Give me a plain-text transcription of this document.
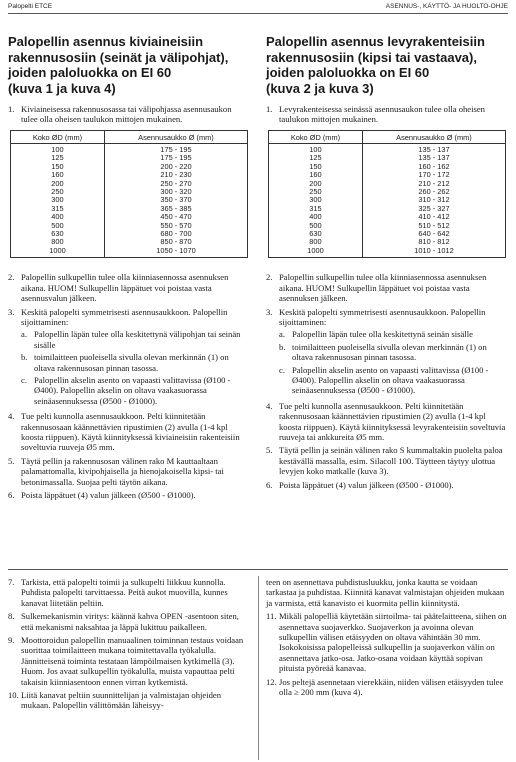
Palopelti ETCE	ASENNUS-, KÄYTTÖ- JA HUOLTO-OHJE
Palopellin asennus kiviaineisiin
rakennusosiin (seinät ja välipohjat),
joiden paloluokka on EI 60
(kuva 1 ja kuva 4)
1. Kiviaineisessa rakennusosassa tai välipohjassa asennusaukon tulee olla oheisen taulukon mittojen mukainen.
Koko ØD (mm)	Asennusaukko Ø (mm)
100	175 - 195
125	175 - 195
150	200 - 220
160	210 - 230
200	250 - 270
250	300 - 320
300	350 - 370
315	365 - 385
400	450 - 470
500	550 - 570
630	680 - 700
800	850 - 870
1000	1050 - 1070
2. Palopellin sulkupellin tulee olla kiinniasennossa asennuksen aikana. HUOM! Sulkupellin läppätuet voi poistaa vasta asennusvalun jälkeen.
3. Keskitä palopelti symmetrisesti asennusaukkoon. Palopellin sijoittaminen:
a. Palopellin läpän tulee olla keskitettynä välipohjan tai seinän sisälle
b. toimilaitteen puoleisella sivulla olevan merkinnän (1) on oltava rakennusosan pinnan tasossa.
c. Palopellin akselin asento on vapaasti valittavissa (Ø100 - Ø400). Palopellin akselin on oltava vaakasuorassa seinäasennuksessa (Ø500 - Ø1000).
4. Tue pelti kunnolla asennusaukkoon. Pelti kiinnitetään rakennusosaan käännettävien ripustimien (2) avulla (1-4 kpl koosta riippuen). Käytä kiinnityksessä kiviaineisiin rakenteisiin soveltuvia ruuveja Ø5 mm.
5. Täytä pellin ja rakennusosan välinen rako M kauttaaltaan palamattomalla, kivipohjaisella ja hienojakoisella kipsi- tai betonimassalla. Suojaa pelti täytön aikana.
6. Poista läppätuet (4) valun jälkeen (Ø500 - Ø1000).
Palopellin asennus levyrakenteisiin
rakennusosiin (kipsi tai vastaava),
joiden paloluokka on EI 60
(kuva 2 ja kuva 3)
1. Levyrakenteisessa seinässä asennusaukon tulee olla oheisen taulukon mittojen mukainen.
Koko ØD (mm)	Asennusaukko Ø (mm)
100	135 - 137
125	135 - 137
150	160 - 162
160	170 - 172
200	210 - 212
250	260 - 262
300	310 - 312
315	325 - 327
400	410 - 412
500	510 - 512
630	640 - 642
800	810 - 812
1000	1010 - 1012
2. Palopellin sulkupellin tulee olla kiinniasennossa asennuksen aikana. HUOM! Sulkupellin läppätuet voi poistaa vasta asennuksen jälkeen.
3. Keskitä palopelti symmetrisesti asennusaukkoon. Palopellin sijoittaminen:
a. Palopellin läpän tulee olla keskitettynä seinän sisälle
b. toimilaitteen puoleisella sivulla olevan merkinnän (1) on oltava rakennusosan pinnan tasossa.
c. Palopellin akselin asento on vapaasti valittavissa (Ø100 - Ø400). Palopellin akselin on oltava vaakasuorassa seinäasennuksessa (Ø500 - Ø1000).
4. Tue pelti kunnolla asennusaukkoon. Pelti kiinnitetään rakennusosaan käännettävien ripustimien (2) avulla (1-4 kpl koosta riippuen). Käytä kiinnityksessä levyrakenteisiin soveltuvia ruuveja tai ankkureita Ø5 mm.
5. Täytä pellin ja seinän välinen rako S kummaltakin puolelta paloa kestävällä massalla, esim. Silacoll 100. Täytteen täytyy ulottua levyjen koko matkalle (kuva 3).
6. Poista läppätuet (4) valun jälkeen (Ø500 - Ø1000).
7. Tarkista, että palopelti toimii ja sulkupelti liikkuu kunnolla. Puhdista palopelti tarvittaessa. Peitä aukot muovilla, kunnes kanavat liitetään peltiin.
8. Sulkemekanismin viritys: käännä kahva OPEN -asentoon siten, että mekanismi naksahtaa ja läppä lukittuu paikalleen.
9. Moottoroidun palopellin manuaalinen toiminnan testaus voidaan suorittaa toimilaitteen mukana toimitettavalla työkalulla. Jännitteisenä toiminta testataan lämpöilmaisen kytkimellä (3). Huom. Jos avaat sulkupellin työkalulla, muista vapauttaa pelti takaisin kiinniasentoon ennen virran kytkemistä.
10. Liitä kanavat peltiin suunnittelijan ja valmistajan ohjeiden mukaan. Palopellin välittömään läheisyy-
teen on asennettava puhdistusluukku, jonka kautta se voidaan tarkastaa ja puhdistaa. Kiinnitä kanavat valmistajan ohjeiden mukaan ja varmista, että kanavisto ei kuormita pellin kiinnitystä.
11. Mikäli palopelliä käytetään siirtoilma- tai päätelaitteena, siihen on asennettava suojaverkko. Suojaverkon ja avoinna olevan sulkupellin välisen etäisyyden on oltava vähintään 30 mm. Isokokoisissa palopelleissä sulkupellin ja suojaverkon välin on asennettava jatko-osa. Jatko-osana voidaan käyttää sopivan pituista pyöreää kanavaa.
12. Jos peltejä asennetaan vierekkäin, niiden välisen etäisyyden tulee olla ≥ 200 mm (kuva 4).
